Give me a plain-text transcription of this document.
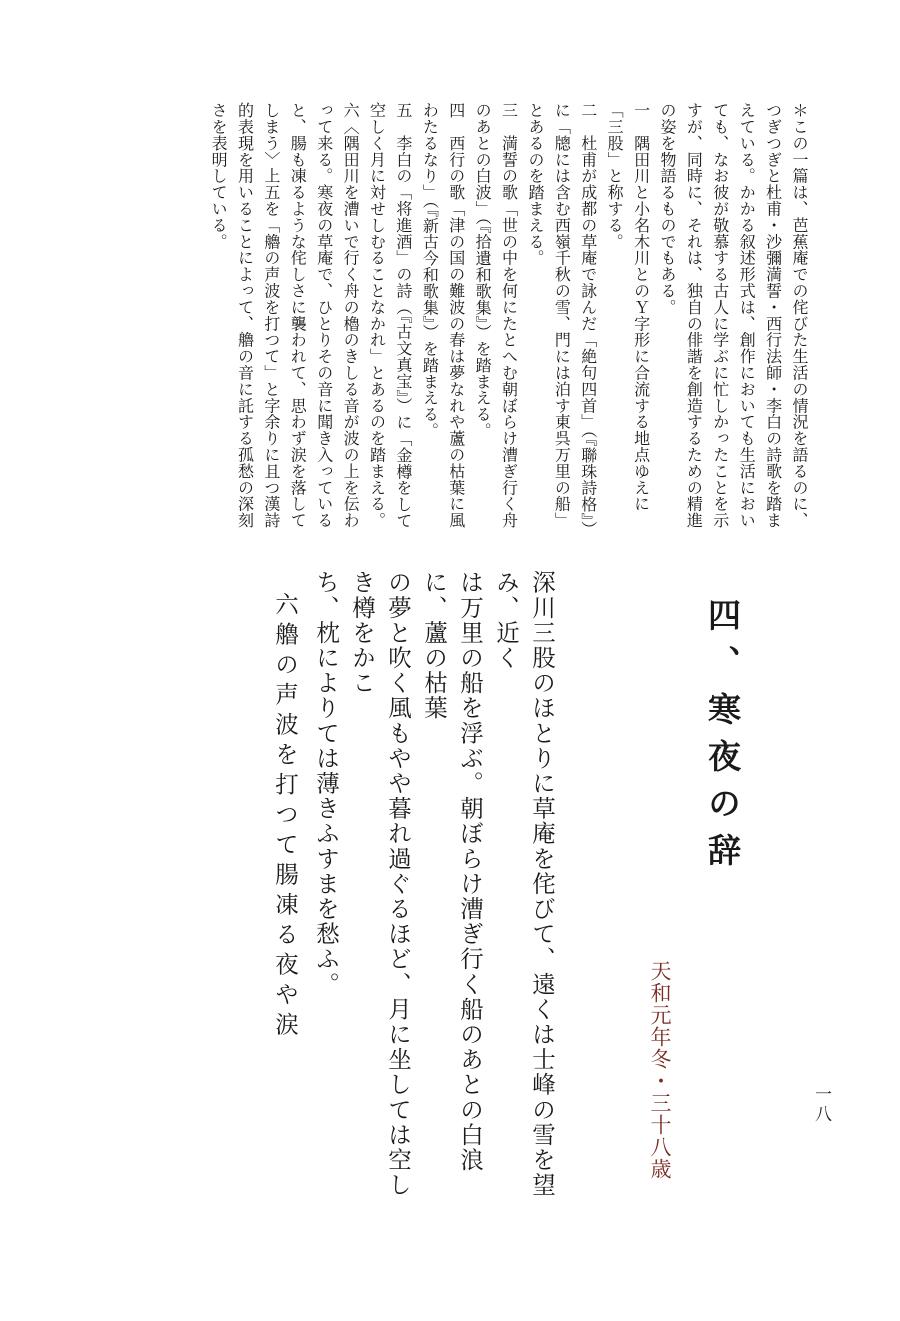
＊この一篇は、芭蕉庵での侘びた生活の情況を語るのに、つぎつぎと杜甫・沙彌満誓・西行法師・李白の詩歌を踏まえている。かかる叙述形式は、創作においても生活においても、なお彼が敬慕する古人に学ぶに忙しかったことを示すが、同時に、それは、独自の俳諧を創造するための精進の姿を物語るものでもある。
一　隅田川と小名木川とのＹ字形に合流する地点ゆえに「三股」と称する。
二　杜甫が成都の草庵で詠んだ「絶句四首」（『聯珠詩格』）に「牕には含む西嶺千秋の雪、門には泊す東呉万里の船」とあるのを踏まえる。
三　満誓の歌「世の中を何にたとへむ朝ぼらけ漕ぎ行く舟のあとの白波」（『拾遺和歌集』）を踏まえる。
四　西行の歌「津の国の難波の春は夢なれや蘆の枯葉に風わたるなり」（『新古今和歌集』）を踏まえる。
五　李白の「将進酒」の詩（『古文真宝』）に「金樽をして空しく月に対せしむることなかれ」とあるのを踏まえる。
六〈隅田川を漕いで行く舟の櫓のきしる音が波の上を伝わって来る。寒夜の草庵で、ひとりその音に聞き入っていると、腸も凍るような侘しさに襲われて、思わず涙を落してしまう〉上五を「艪の声波を打つて」と字余りに且つ漢詩的表現を用いることによって、艪の音に託する孤愁の深刻さを表明している。
四、寒夜の辞
天和元年冬・三十八歳
深川三股のほとりに草庵を侘びて、遠くは士峰の雪を望み、近く
は万里の船を浮ぶ。朝ぼらけ漕ぎ行く船のあとの白浪に、蘆の枯葉
の夢と吹く風もやや暮れ過ぐるほど、月に坐しては空しき樽をかこ
ち、枕によりては薄きふすまを愁ふ。
六艪の声波を打つて腸凍る夜や涙
一八
